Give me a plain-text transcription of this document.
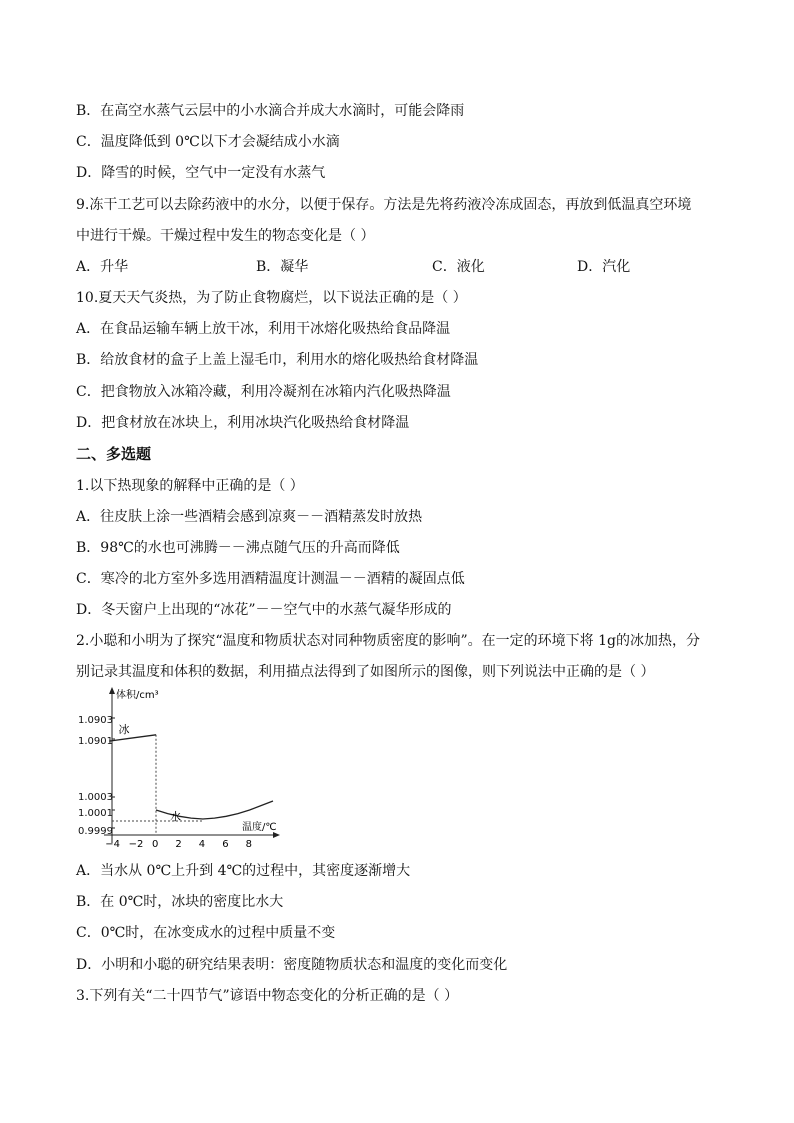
B．在高空水蒸气云层中的小水滴合并成大水滴时，可能会降雨
C．温度降低到 0℃以下才会凝结成小水滴
D．降雪的时候，空气中一定没有水蒸气
9.冻干工艺可以去除药液中的水分，以便于保存。方法是先将药液冷冻成固态，再放到低温真空环境
中进行干燥。干燥过程中发生的物态变化是（ ）
A．升华	B．凝华	C．液化	D．汽化
10.夏天天气炎热，为了防止食物腐烂，以下说法正确的是（ ）
A．在食品运输车辆上放干冰，利用干冰熔化吸热给食品降温
B．给放食材的盒子上盖上湿毛巾，利用水的熔化吸热给食材降温
C．把食物放入冰箱冷藏，利用冷凝剂在冰箱内汽化吸热降温
D．把食材放在冰块上，利用冰块汽化吸热给食材降温
二、多选题
1.以下热现象的解释中正确的是（ ）
A．往皮肤上涂一些酒精会感到凉爽－－酒精蒸发时放热
B．98℃的水也可沸腾－－沸点随气压的升高而降低
C．寒冷的北方室外多选用酒精温度计测温－－酒精的凝固点低
D．冬天窗户上出现的“冰花”－－空气中的水蒸气凝华形成的
2.小聪和小明为了探究“温度和物质状态对同种物质密度的影响”。在一定的环境下将 1g的冰加热，分
别记录其温度和体积的数据，利用描点法得到了如图所示的图像，则下列说法中正确的是（ ）
体积/cm³
温度/℃
−4 −2 0 2 4 6 8
冰
水
1.0903
1.0901
1.0003
1.0001
0.9999
A．当水从 0℃上升到 4℃的过程中，其密度逐渐增大
B．在 0℃时，冰块的密度比水大
C．0℃时，在冰变成水的过程中质量不变
D．小明和小聪的研究结果表明：密度随物质状态和温度的变化而变化
3.下列有关“二十四节气”谚语中物态变化的分析正确的是（ ）
